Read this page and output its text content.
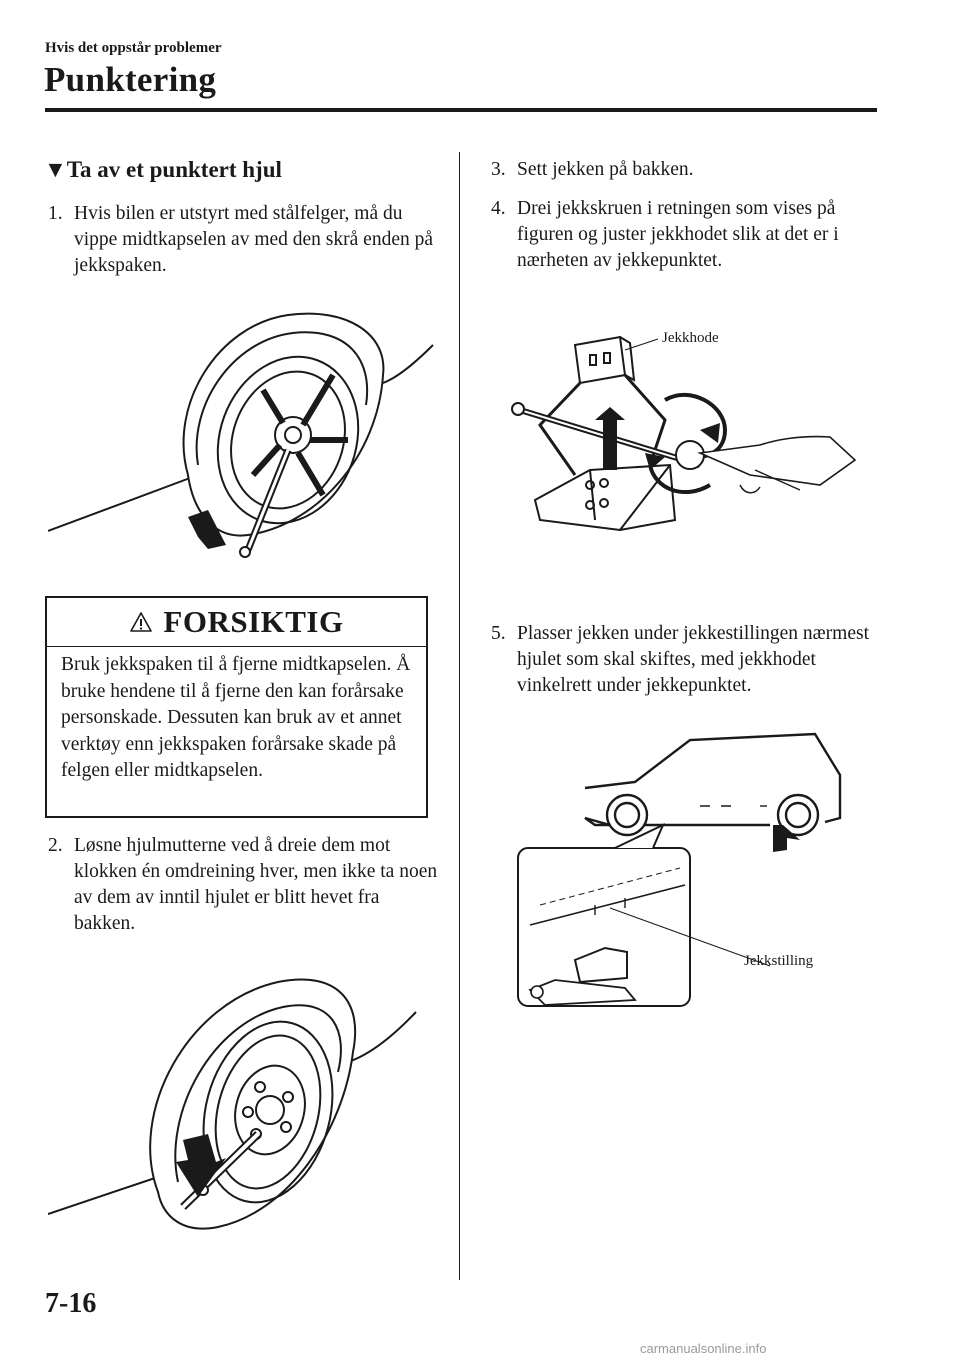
Hvis det oppstår problemer
Punktering
▼Ta av et punktert hjul
1. Hvis bilen er utstyrt med stålfelger, må du vippe midtkapselen av med den skrå enden på jekkspaken.
FORSIKTIG
Bruk jekkspaken til å fjerne midtkapselen. Å bruke hendene til å fjerne den kan forårsake personskade. Dessuten kan bruk av et annet verktøy enn jekkspaken forårsake skade på felgen eller midtkapselen.
2. Løsne hjulmutterne ved å dreie dem mot klokken én omdreining hver, men ikke ta noen av dem av inntil hjulet er blitt hevet fra bakken.
3. Sett jekken på bakken.
4. Drei jekkskruen i retningen som vises på figuren og juster jekkhodet slik at det er i nærheten av jekkepunktet.
Jekkhode
5. Plasser jekken under jekkestillingen nærmest hjulet som skal skiftes, med jekkhodet vinkelrett under jekkepunktet.
Jekkstilling
7-16
carmanualsonline.info
